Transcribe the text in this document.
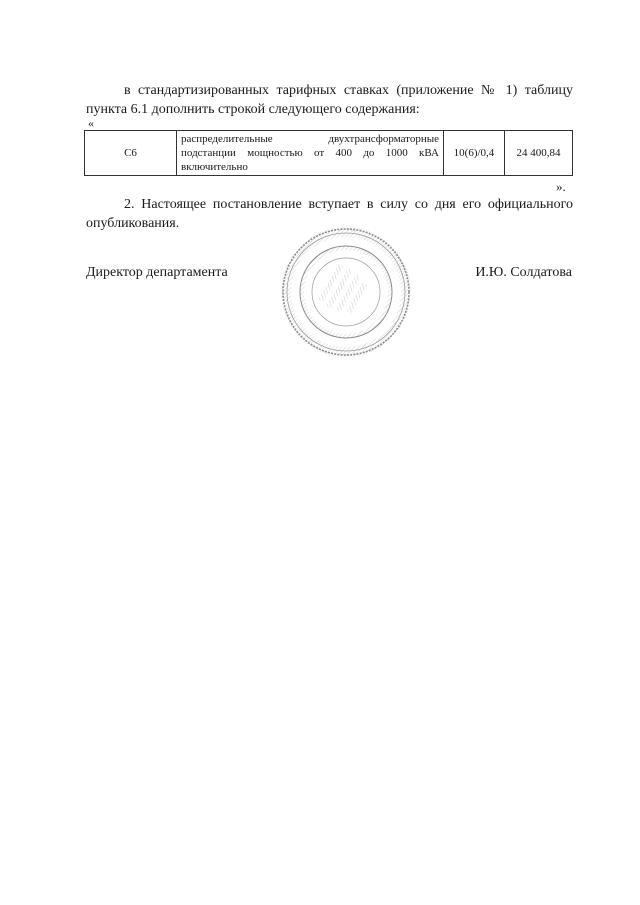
в стандартизированных тарифных ставках (приложение № 1) таблицу пункта 6.1 дополнить строкой следующего содержания:
«
С6	распределительные двухтрансформаторные подстанции мощностью от 400 до 1000 кВА включительно	10(6)/0,4	24 400,84
».
2. Настоящее постановление вступает в силу со дня его официального опубликования.
Директор департамента	И.Ю. Солдатова
